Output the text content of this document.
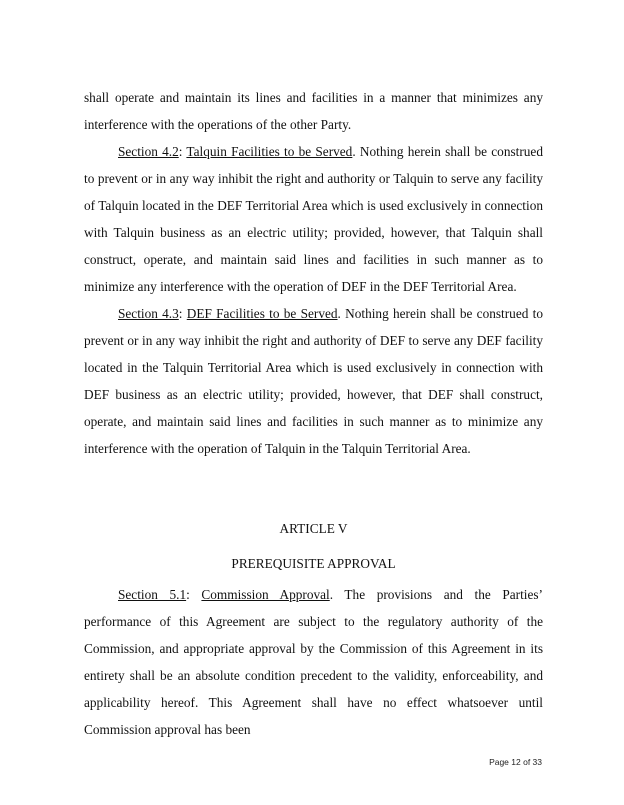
shall operate and maintain its lines and facilities in a manner that minimizes any interference with the operations of the other Party.

Section 4.2: Talquin Facilities to be Served. Nothing herein shall be construed to prevent or in any way inhibit the right and authority or Talquin to serve any facility of Talquin located in the DEF Territorial Area which is used exclusively in connection with Talquin business as an electric utility; provided, however, that Talquin shall construct, operate, and maintain said lines and facilities in such manner as to minimize any interference with the operation of DEF in the DEF Territorial Area.

Section 4.3: DEF Facilities to be Served. Nothing herein shall be construed to prevent or in any way inhibit the right and authority of DEF to serve any DEF facility located in the Talquin Territorial Area which is used exclusively in connection with DEF business as an electric utility; provided, however, that DEF shall construct, operate, and maintain said lines and facilities in such manner as to minimize any interference with the operation of Talquin in the Talquin Territorial Area.

ARTICLE V
PREREQUISITE APPROVAL

Section 5.1: Commission Approval. The provisions and the Parties’ performance of this Agreement are subject to the regulatory authority of the Commission, and appropriate approval by the Commission of this Agreement in its entirety shall be an absolute condition precedent to the validity, enforceability, and applicability hereof. This Agreement shall have no effect whatsoever until Commission approval has been

Page 12 of 33
